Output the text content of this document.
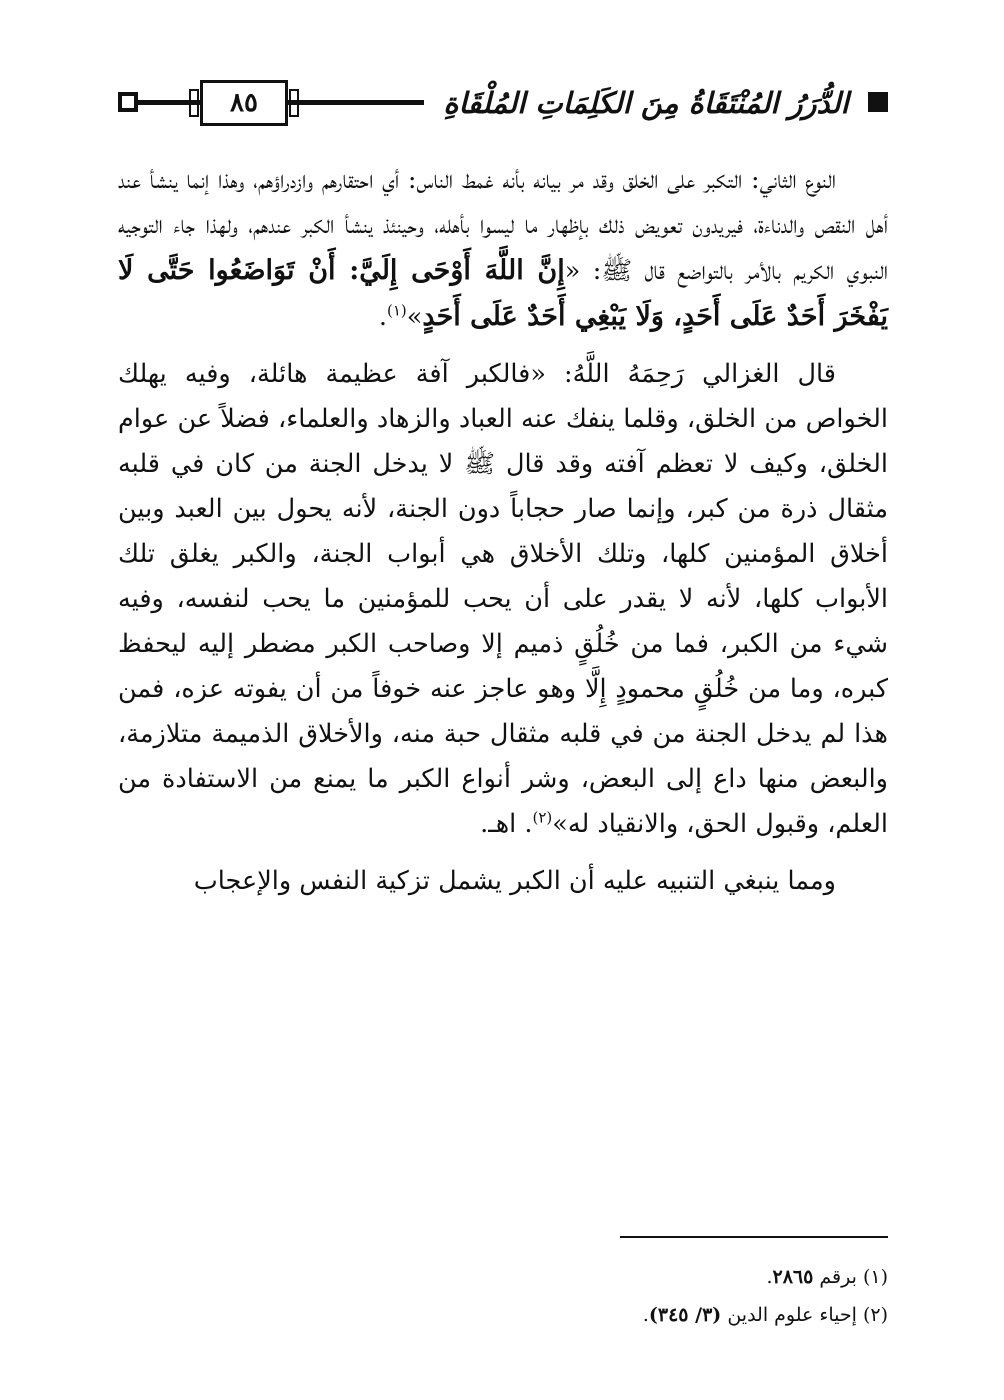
٨٥	الدُّرَرُ المُنْتَقَاةُ مِنَ الكَلِمَاتِ المُلْقَاةِ

النوع الثاني: التكبر على الخلق وقد مر بيانه بأنه غمط الناس: أي احتقارهم وازدراؤهم، وهذا إنما ينشأ عند أهل النقص والدناءة، فيريدون تعويض ذلك بإظهار ما ليسوا بأهله، وحينئذ ينشأ الكبر عندهم، ولهذا جاء التوجيه النبوي الكريم بالأمر بالتواضع قال ﷺ: «إِنَّ اللَّهَ أَوْحَى إِلَيَّ: أَنْ تَوَاضَعُوا حَتَّى لَا يَفْخَرَ أَحَدٌ عَلَى أَحَدٍ، وَلَا يَبْغِي أَحَدٌ عَلَى أَحَدٍ»$^{(١)}$.

قال الغزالي رَحِمَهُ اللَّهُ: «فالكبر آفة عظيمة هائلة، وفيه يهلك الخواص من الخلق، وقلما ينفك عنه العباد والزهاد والعلماء، فضلاً عن عوام الخلق، وكيف لا تعظم آفته وقد قال ﷺ لا يدخل الجنة من كان في قلبه مثقال ذرة من كبر، وإنما صار حجاباً دون الجنة، لأنه يحول بين العبد وبين أخلاق المؤمنين كلها، وتلك الأخلاق هي أبواب الجنة، والكبر يغلق تلك الأبواب كلها، لأنه لا يقدر على أن يحب للمؤمنين ما يحب لنفسه، وفيه شيء من الكبر، فما من خُلُقٍ ذميم إلا وصاحب الكبر مضطر إليه ليحفظ كبره، وما من خُلُقٍ محمودٍ إِلَّا وهو عاجز عنه خوفاً من أن يفوته عزه، فمن هذا لم يدخل الجنة من في قلبه مثقال حبة منه، والأخلاق الذميمة متلازمة، والبعض منها داع إلى البعض، وشر أنواع الكبر ما يمنع من الاستفادة من العلم، وقبول الحق، والانقياد له»$^{(٢)}$. اهـ.

ومما ينبغي التنبيه عليه أن الكبر يشمل تزكية النفس والإعجاب

(١) برقم ٢٨٦٥.
(٢) إحياء علوم الدين (٣/ ٣٤٥).
